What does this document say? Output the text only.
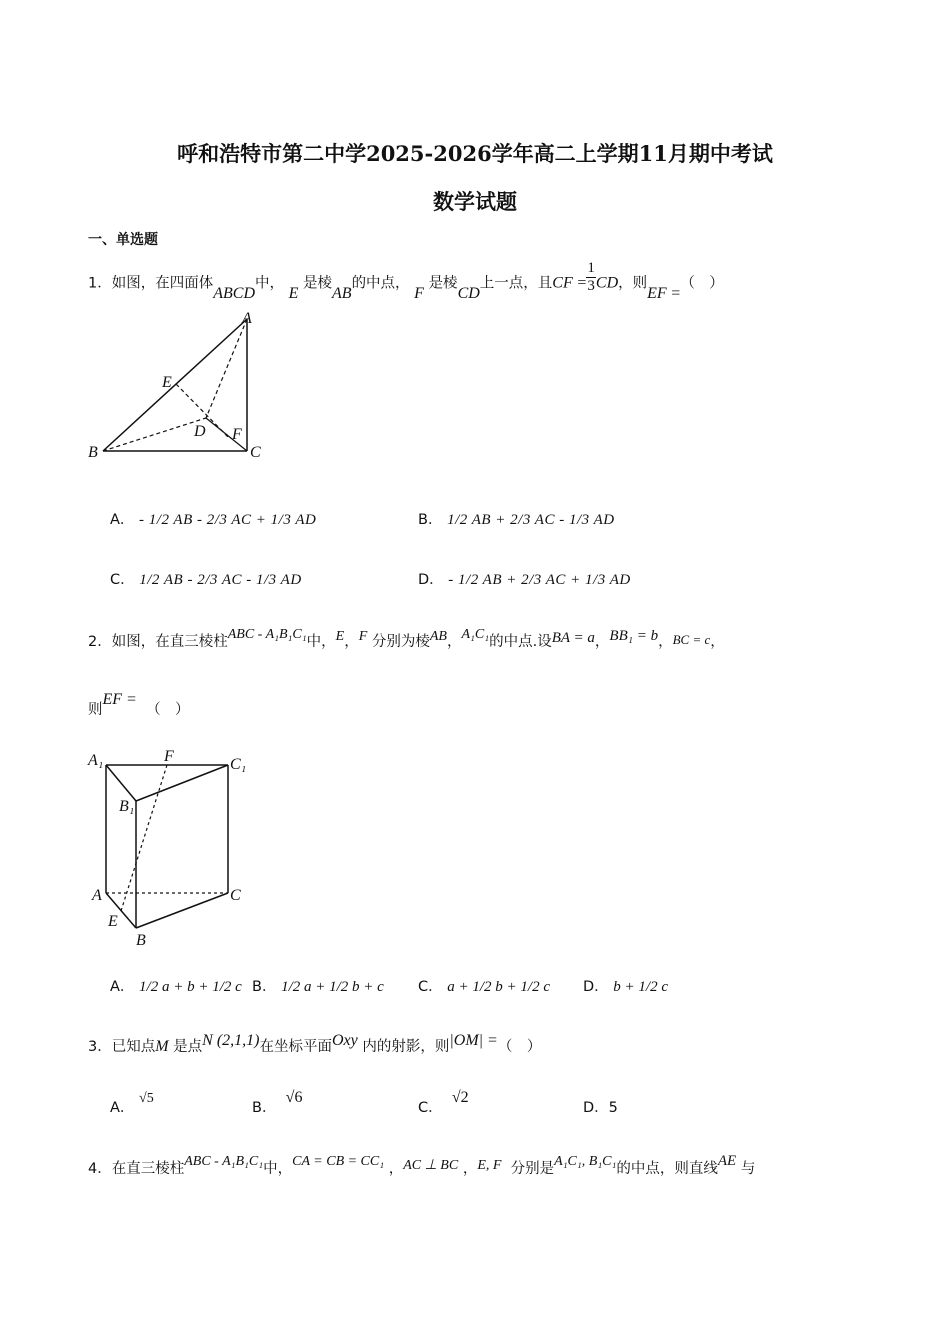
呼和浩特市第二中学2025-2026学年高二上学期11月期中考试
数学试题
一、单选题
1．如图，在四面体ABCD中， E 是棱AB的中点， F 是棱CD上一点，且CF = $\frac{1}{3}$ CD，则EF =（　）
A
E
D F
B	C
A． - 1/2 AB - 2/3 AC + 1/3 AD	B． 1/2 AB + 2/3 AC - 1/3 AD
C． 1/2 AB - 2/3 AC - 1/3 AD	D． - 1/2 AB + 2/3 AC + 1/3 AD
2．如图，在直三棱柱ABC - A₁B₁C₁中，E，F 分别为棱AB，A₁C₁的中点.设BA = a，BB₁ = b，BC = c，
则EF =  （　）
A₁	F	C₁
B₁
A	C
E
B
A． 1/2 a + b + 1/2 c B． 1/2 a + 1/2 b + c C． a + 1/2 b + 1/2 c D． b + 1/2 c
3．已知点M 是点N (2,1,1)在坐标平面Oxy 内的射影，则|OM| =（　）
A． √5
B．  √6
C．  √2
D．5
4．在直三棱柱ABC - A₁B₁C₁中，CA = CB = CC₁ ，AC ⊥ BC ，E, F 分别是A₁C₁, B₁C₁的中点，则直线AE 与
